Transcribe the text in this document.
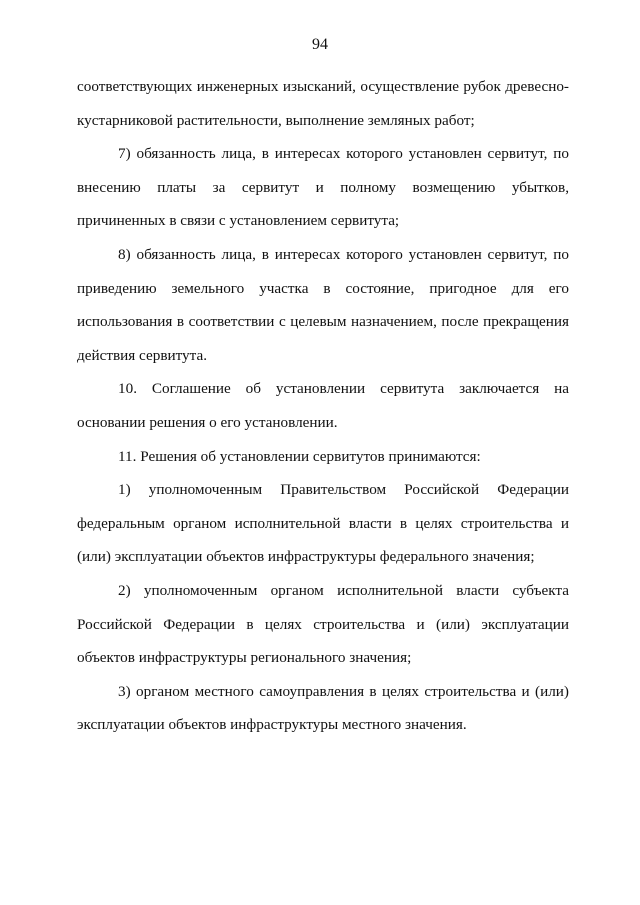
94

соответствующих инженерных изысканий, осуществление рубок древесно-кустарниковой растительности, выполнение земляных работ;

7) обязанность лица, в интересах которого установлен сервитут, по внесению платы за сервитут и полному возмещению убытков, причиненных в связи с установлением сервитута;

8) обязанность лица, в интересах которого установлен сервитут, по приведению земельного участка в состояние, пригодное для его использования в соответствии с целевым назначением, после прекращения действия сервитута.

10. Соглашение об установлении сервитута заключается на основании решения о его установлении.

11. Решения об установлении сервитутов принимаются:

1) уполномоченным Правительством Российской Федерации федеральным органом исполнительной власти в целях строительства и (или) эксплуатации объектов инфраструктуры федерального значения;

2) уполномоченным органом исполнительной власти субъекта Российской Федерации в целях строительства и (или) эксплуатации объектов инфраструктуры регионального значения;

3) органом местного самоуправления в целях строительства и (или) эксплуатации объектов инфраструктуры местного значения.
